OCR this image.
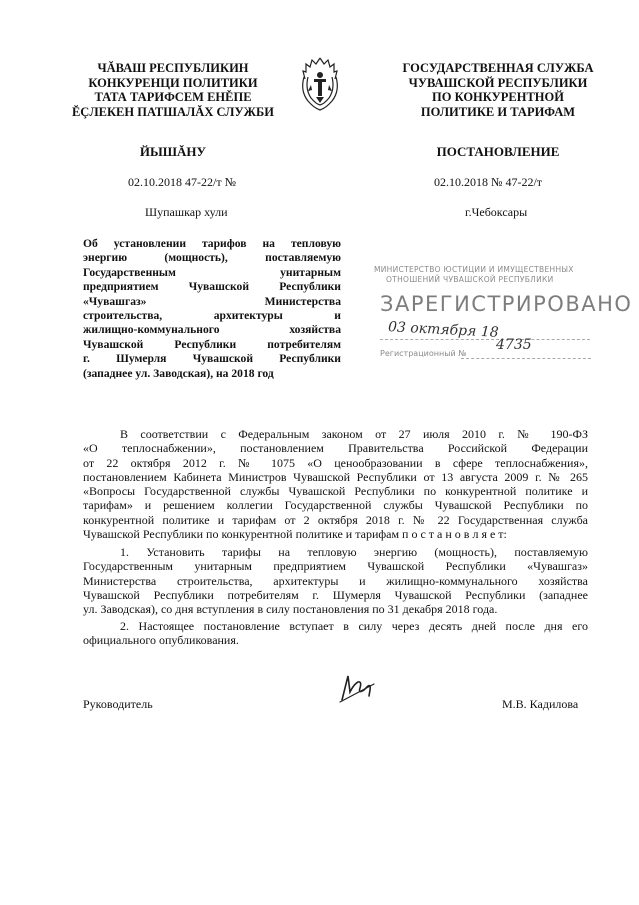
ЧĂВАШ РЕСПУБЛИКИН
КОНКУРЕНЦИ ПОЛИТИКИ
ТАТА ТАРИФСЕМ ЕНĚПЕ
ĔÇЛЕКЕН ПАТШАЛĂХ СЛУЖБИ
ЙЫШĂНУ
02.10.2018 47-22/т №
Шупашкар хули
ГОСУДАРСТВЕННАЯ СЛУЖБА
ЧУВАШСКОЙ РЕСПУБЛИКИ
ПО КОНКУРЕНТНОЙ
ПОЛИТИКЕ И ТАРИФАМ
ПОСТАНОВЛЕНИЕ
02.10.2018 № 47-22/т
г.Чебоксары
Об установлении тарифов на тепловую
энергию (мощность), поставляемую
Государственным унитарным
предприятием Чувашской Республики
«Чувашгаз» Министерства
строительства, архитектуры и
жилищно-коммунального хозяйства
Чувашской Республики потребителям
г. Шумерля Чувашской Республики
(западнее ул. Заводская), на 2018 год
МИНИСТЕРСТВО ЮСТИЦИИ И ИМУЩЕСТВЕННЫХ
ОТНОШЕНИЙ ЧУВАШСКОЙ РЕСПУБЛИКИ
ЗАРЕГИСТРИРОВАНО
03 октября 18
Регистрационный №
4735
В соответствии с Федеральным законом от 27 июля 2010 г. № 190-ФЗ
«О теплоснабжении», постановлением Правительства Российской Федерации
от 22 октября 2012 г. № 1075 «О ценообразовании в сфере теплоснабжения»,
постановлением Кабинета Министров Чувашской Республики от 13 августа 2009 г. № 265
«Вопросы Государственной службы Чувашской Республики по конкурентной политике и
тарифам» и решением коллегии Государственной службы Чувашской Республики по
конкурентной политике и тарифам от 2 октября 2018 г. № 22 Государственная служба
Чувашской Республики по конкурентной политике и тарифам п о с т а н о в л я е т:
1. Установить тарифы на тепловую энергию (мощность), поставляемую
Государственным унитарным предприятием Чувашской Республики «Чувашгаз»
Министерства строительства, архитектуры и жилищно-коммунального хозяйства
Чувашской Республики потребителям г. Шумерля Чувашской Республики (западнее
ул. Заводская), со дня вступления в силу постановления по 31 декабря 2018 года.
2. Настоящее постановление вступает в силу через десять дней после дня его
официального опубликования.
Руководитель	М.В. Кадилова
